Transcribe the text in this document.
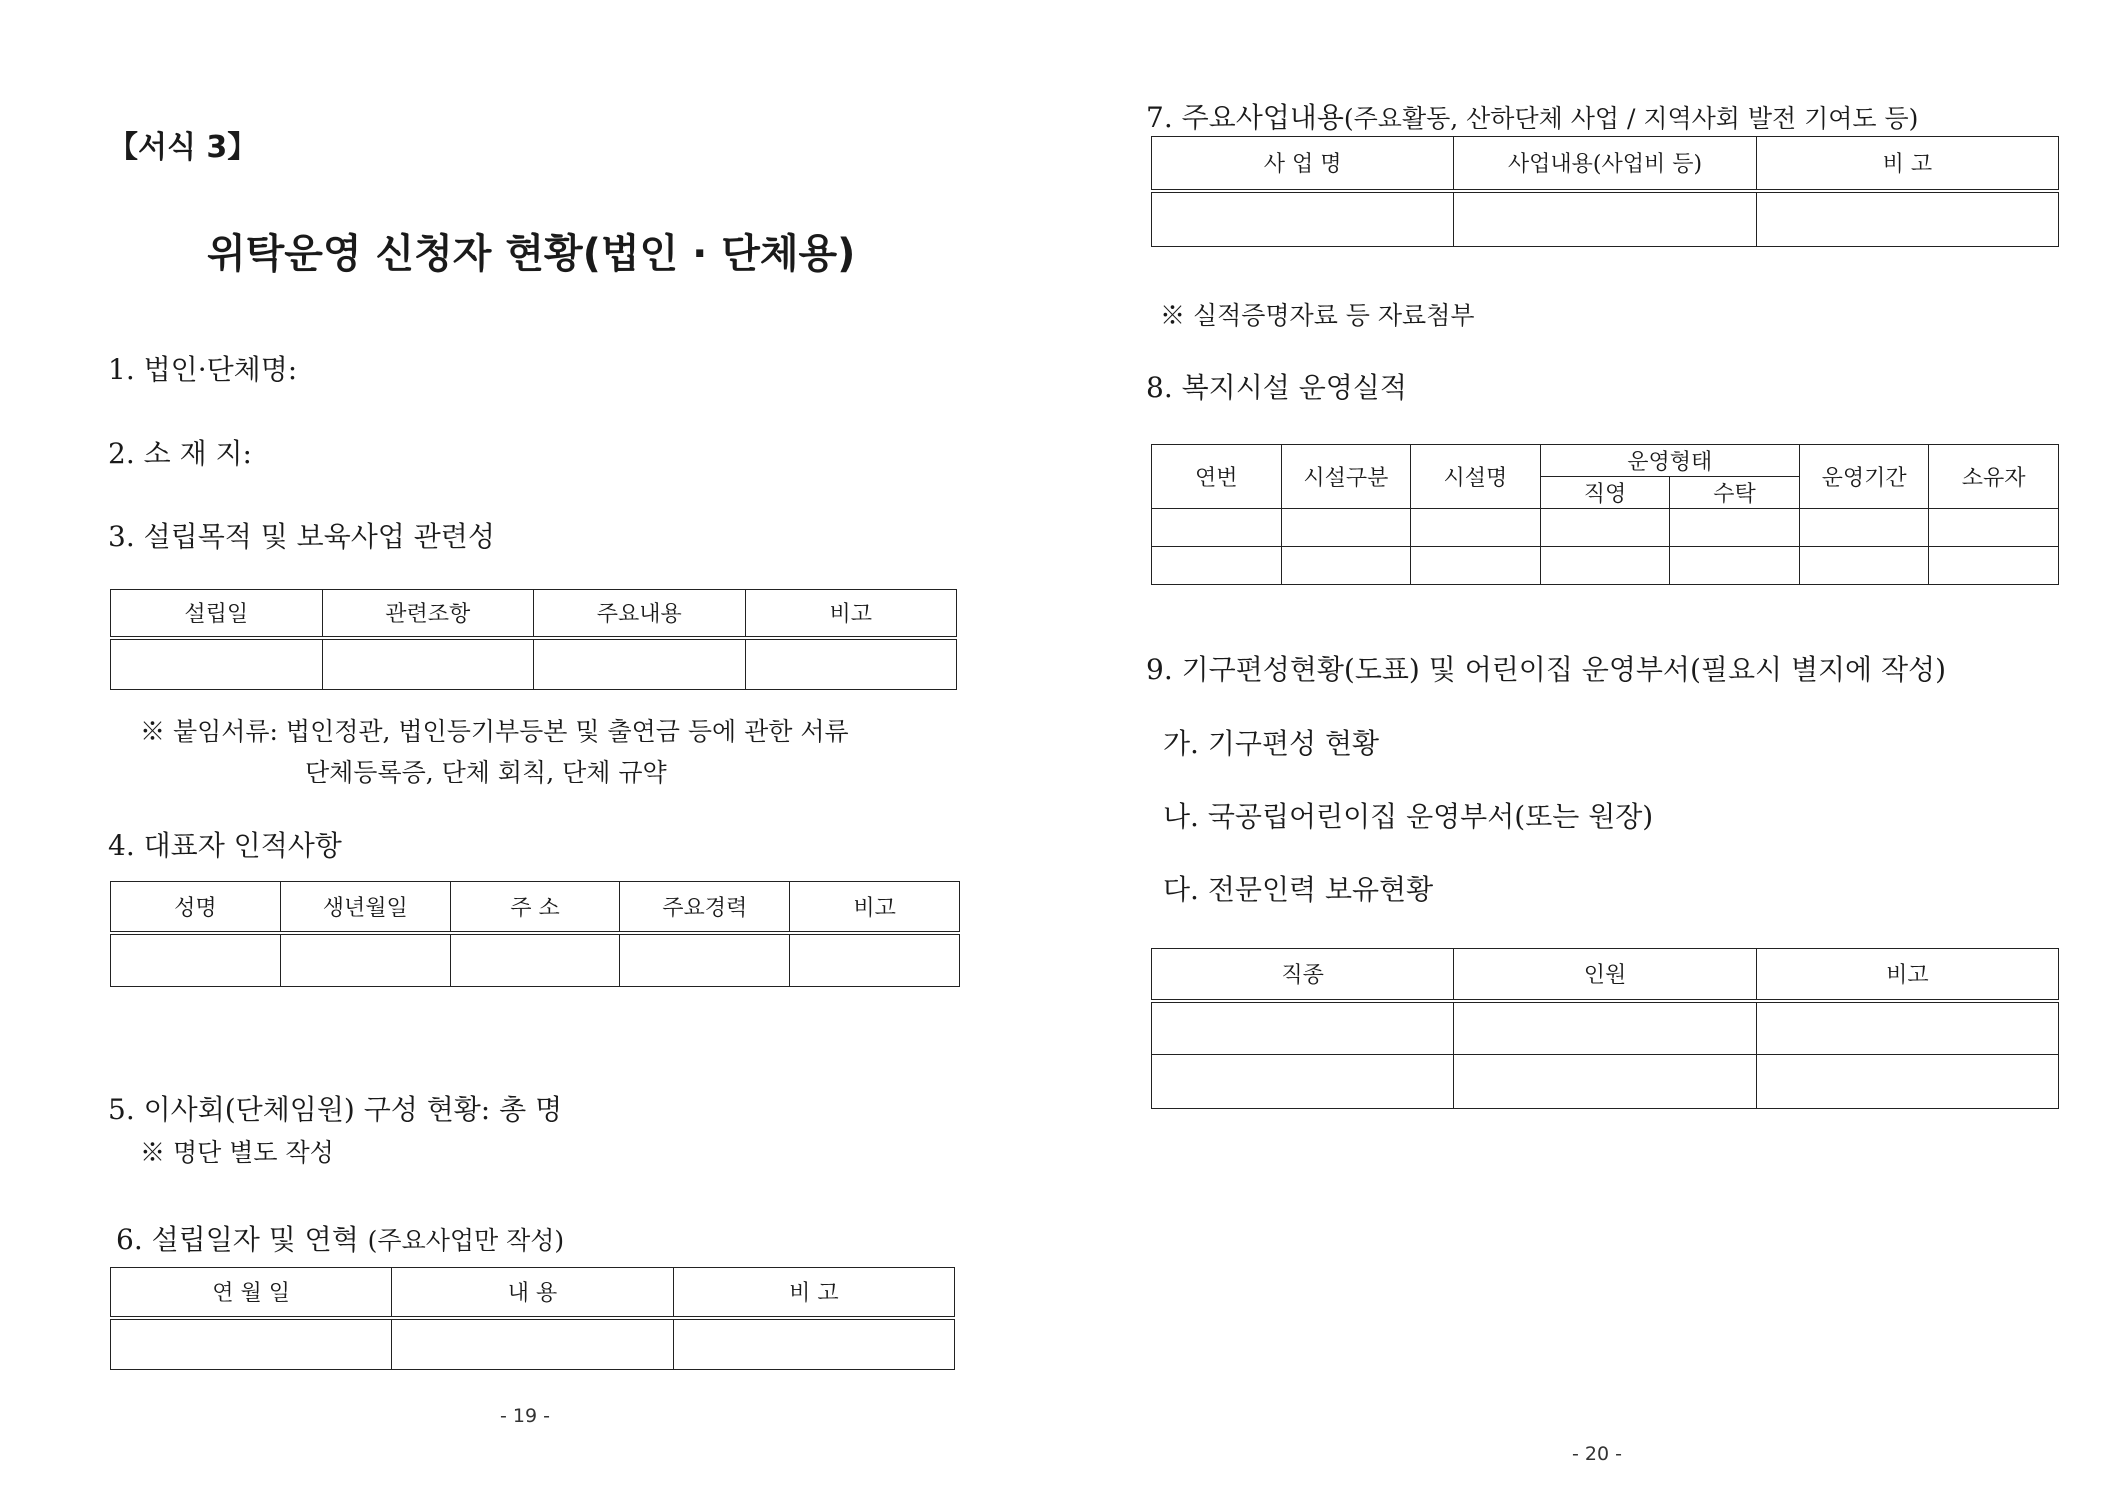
【서식 3】
위탁운영 신청자 현황(법인 · 단체용)
1. 법인·단체명:
2. 소 재 지:
3. 설립목적 및 보육사업 관련성
설립일	관련조항	주요내용	비고

※ 붙임서류: 법인정관, 법인등기부등본 및 출연금 등에 관한 서류
단체등록증, 단체 회칙, 단체 규약
4. 대표자 인적사항
성명	생년월일	주 소	주요경력	비고

5. 이사회(단체임원) 구성 현황: 총 명
※ 명단 별도 작성
6. 설립일자 및 연혁 (주요사업만 작성)
연 월 일	내 용	비 고

- 19 -
7. 주요사업내용(주요활동, 산하단체 사업 / 지역사회 발전 기여도 등)
사 업 명	사업내용(사업비 등)	비 고

※ 실적증명자료 등 자료첨부
8. 복지시설 운영실적
연번	시설구분	시설명	운영형태		운영기간	소유자
			직영	수탁		

9. 기구편성현황(도표) 및 어린이집 운영부서(필요시 별지에 작성)
가. 기구편성 현황
나. 국공립어린이집 운영부서(또는 원장)
다. 전문인력 보유현황
직종	인원	비고

- 20 -
